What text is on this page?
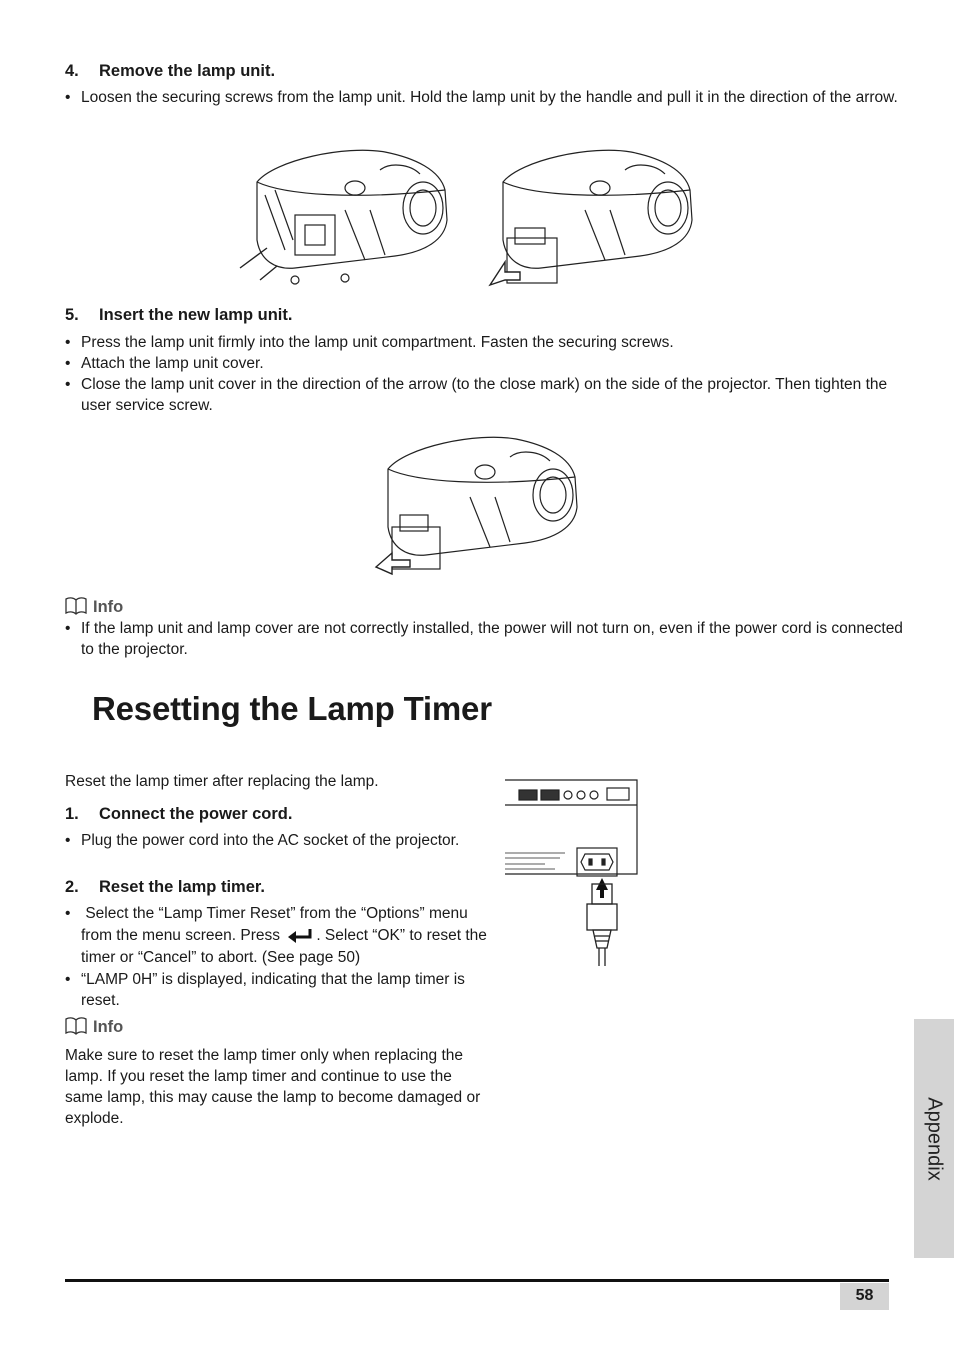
4. Remove the lamp unit.
• Loosen the securing screws from the lamp unit. Hold the lamp unit by the handle and pull it in the direction of the arrow.
5. Insert the new lamp unit.
• Press the lamp unit firmly into the lamp unit compartment. Fasten the securing screws.
• Attach the lamp unit cover.
• Close the lamp unit cover in the direction of the arrow (to the close mark) on the side of the projector. Then tighten the user service screw.
Info
• If the lamp unit and lamp cover are not correctly installed, the power will not turn on, even if the power cord is connected to the projector.
Resetting the Lamp Timer
Reset the lamp timer after replacing the lamp.
1. Connect the power cord.
• Plug the power cord into the AC socket of the projector.
2. Reset the lamp timer.
• Select the “Lamp Timer Reset” from the “Options” menu from the menu screen. Press . Select “OK” to reset the timer or “Cancel” to abort. (See page 50)
• “LAMP 0H” is displayed, indicating that the lamp timer is reset.
Info
Make sure to reset the lamp timer only when replacing the lamp. If you reset the lamp timer and continue to use the same lamp, this may cause the lamp to become damaged or explode.	Appendix
58
